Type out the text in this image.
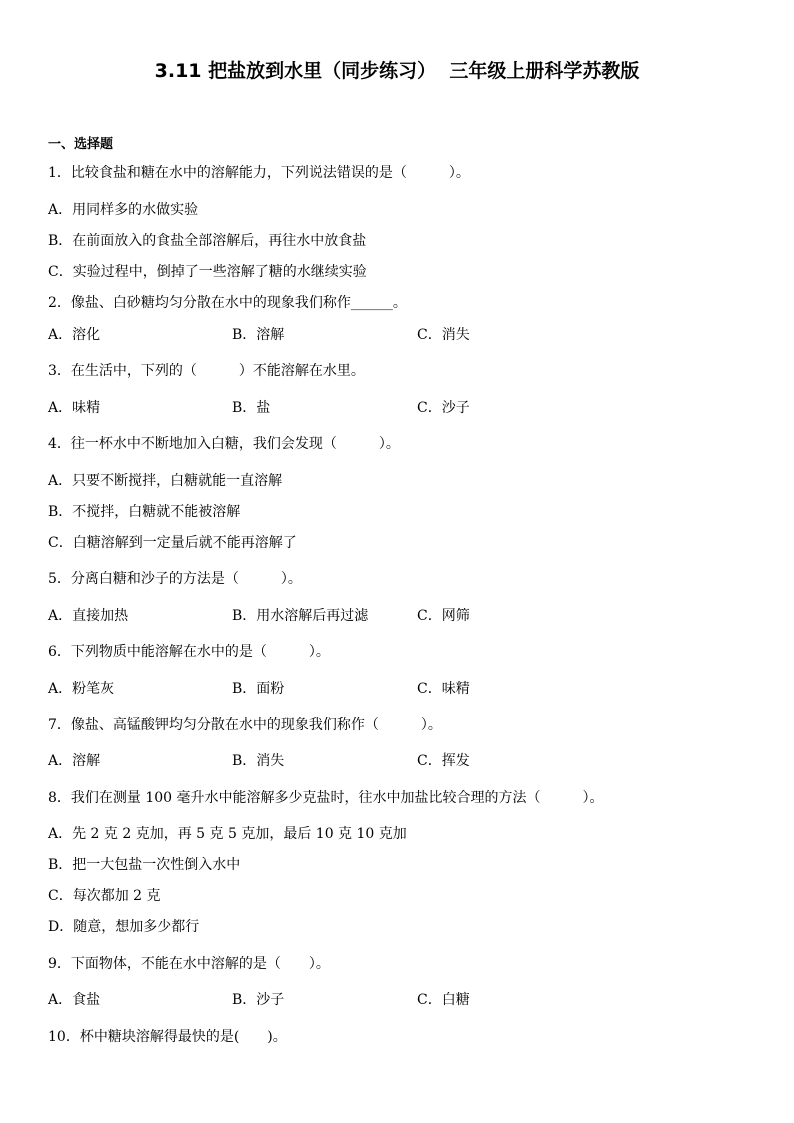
3.11 把盐放到水里（同步练习）  三年级上册科学苏教版
一、选择题
1．比较食盐和糖在水中的溶解能力，下列说法错误的是（　　　）。
A．用同样多的水做实验
B．在前面放入的食盐全部溶解后，再往水中放食盐
C．实验过程中，倒掉了一些溶解了糖的水继续实验
2．像盐、白砂糖均匀分散在水中的现象我们称作______。
A．溶化	B．溶解	C．消失
3．在生活中，下列的（　　　）不能溶解在水里。
A．味精	B．盐	C．沙子
4．往一杯水中不断地加入白糖，我们会发现（　　　）。
A．只要不断搅拌，白糖就能一直溶解
B．不搅拌，白糖就不能被溶解
C．白糖溶解到一定量后就不能再溶解了
5．分离白糖和沙子的方法是（　　　）。
A．直接加热	B．用水溶解后再过滤	C．网筛
6．下列物质中能溶解在水中的是（　　　）。
A．粉笔灰	B．面粉	C．味精
7．像盐、高锰酸钾均匀分散在水中的现象我们称作（　　　）。
A．溶解	B．消失	C．挥发
8．我们在测量 100 毫升水中能溶解多少克盐时，往水中加盐比较合理的方法（　　　）。
A．先 2 克 2 克加，再 5 克 5 克加，最后 10 克 10 克加
B．把一大包盐一次性倒入水中
C．每次都加 2 克
D．随意，想加多少都行
9．下面物体，不能在水中溶解的是（　　）。
A．食盐	B．沙子	C．白糖
10．杯中糖块溶解得最快的是(　　)。
